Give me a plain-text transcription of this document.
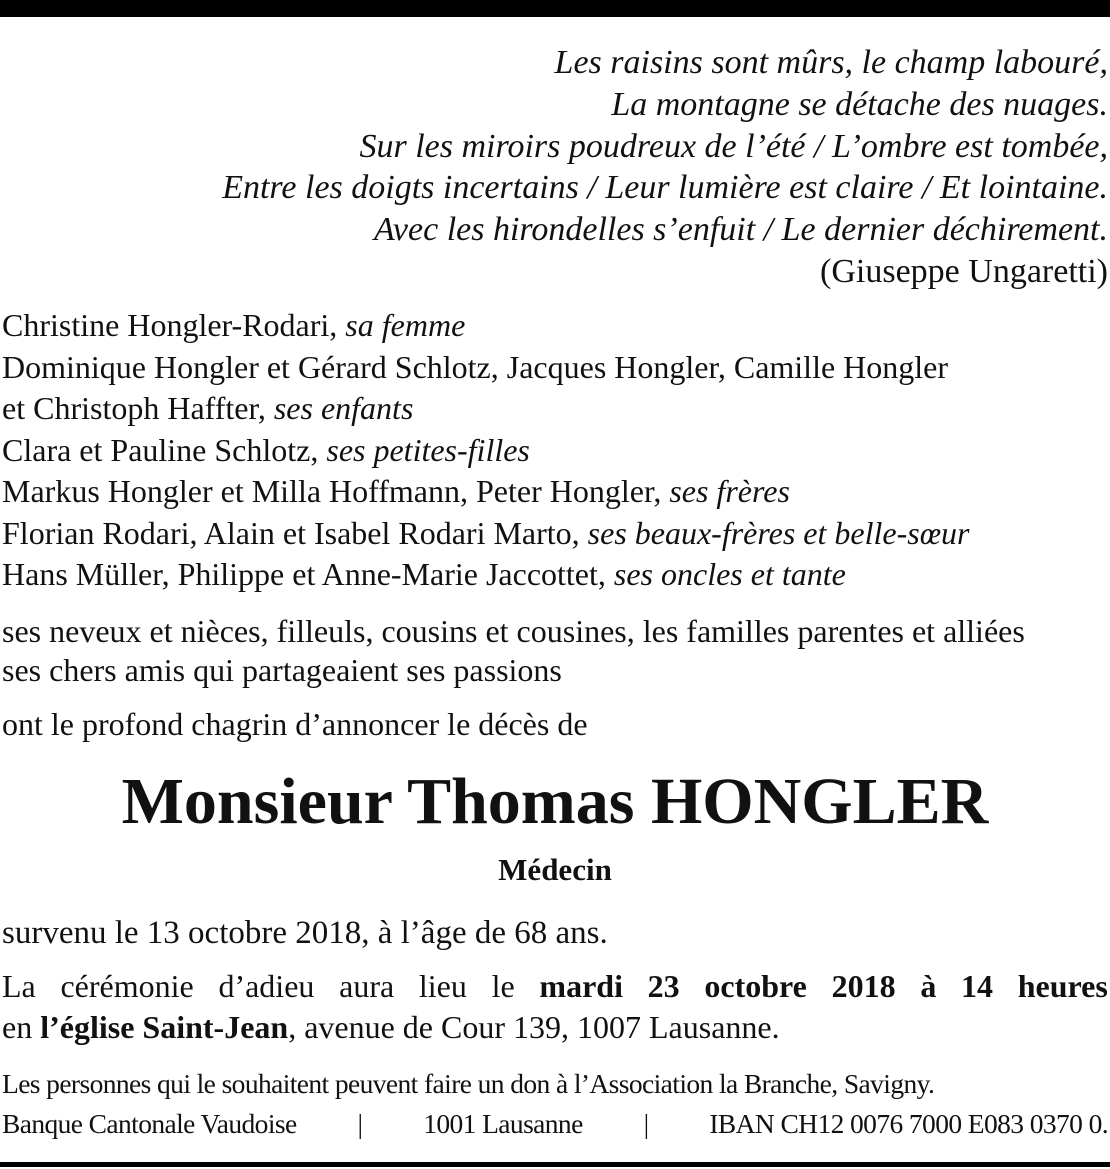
Les raisins sont mûrs, le champ labouré,
La montagne se détache des nuages.
Sur les miroirs poudreux de l’été / L’ombre est tombée,
Entre les doigts incertains / Leur lumière est claire / Et lointaine.
Avec les hirondelles s’enfuit / Le dernier déchirement.
(Giuseppe Ungaretti)
Christine Hongler-Rodari, sa femme
Dominique Hongler et Gérard Schlotz, Jacques Hongler, Camille Hongler
et Christoph Haffter, ses enfants
Clara et Pauline Schlotz, ses petites-filles
Markus Hongler et Milla Hoffmann, Peter Hongler, ses frères
Florian Rodari, Alain et Isabel Rodari Marto, ses beaux-frères et belle-sœur
Hans Müller, Philippe et Anne-Marie Jaccottet, ses oncles et tante
ses neveux et nièces, filleuls, cousins et cousines, les familles parentes et alliées
ses chers amis qui partageaient ses passions
ont le profond chagrin d’annoncer le décès de
Monsieur Thomas HONGLER
Médecin
survenu le 13 octobre 2018, à l’âge de 68 ans.
La cérémonie d’adieu aura lieu le mardi 23 octobre 2018 à 14 heures
en l’église Saint-Jean, avenue de Cour 139, 1007 Lausanne.
Les personnes qui le souhaitent peuvent faire un don à l’Association la Branche, Savigny.
Banque Cantonale Vaudoise | 1001 Lausanne | IBAN CH12 0076 7000 E083 0370 0.
